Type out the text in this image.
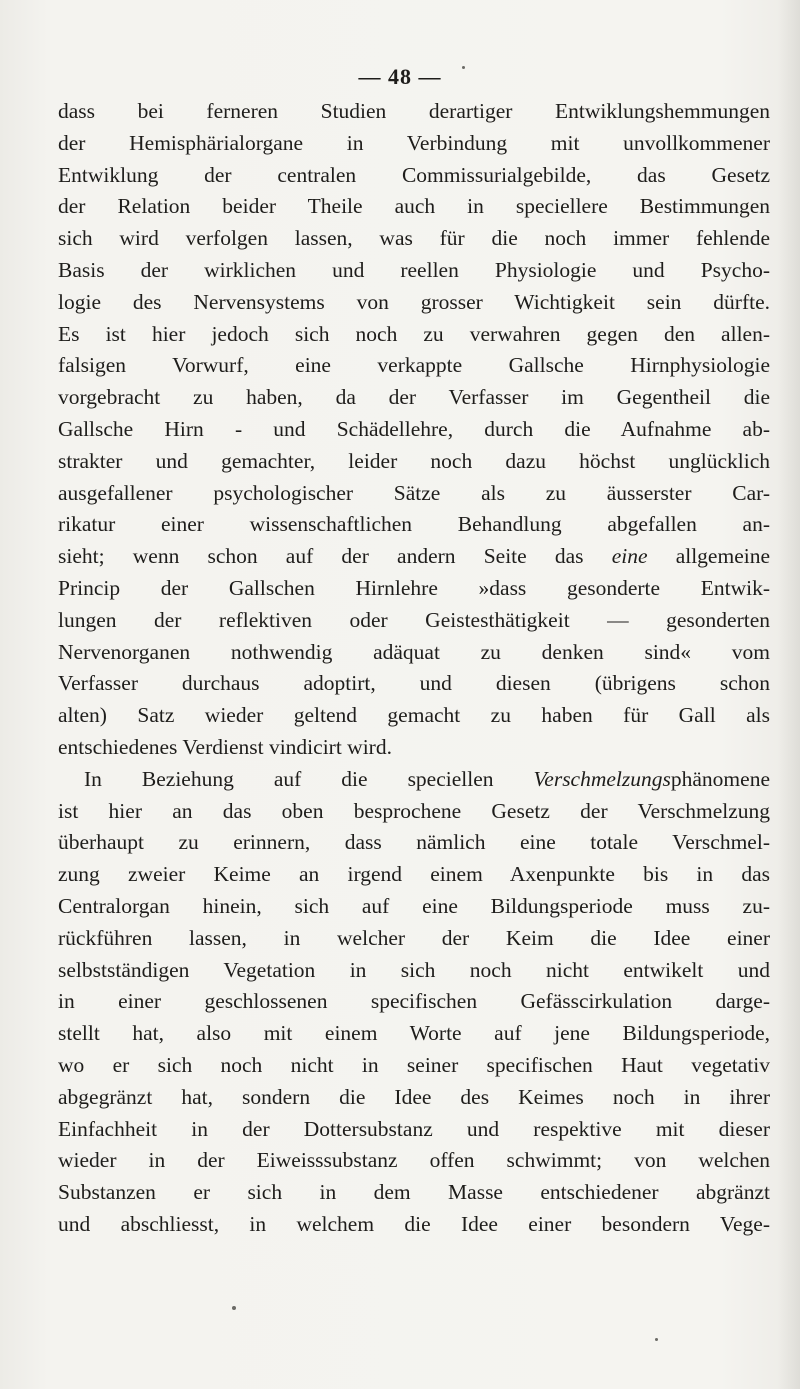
— 48 —
dass bei ferneren Studien derartiger Entwiklungshemmungen
der Hemisphärialorgane in Verbindung mit unvollkommener
Entwiklung der centralen Commissurialgebilde, das Gesetz
der Relation beider Theile auch in speciellere Bestimmungen
sich wird verfolgen lassen, was für die noch immer fehlende
Basis der wirklichen und reellen Physiologie und Psycho-
logie des Nervensystems von grosser Wichtigkeit sein dürfte.
Es ist hier jedoch sich noch zu verwahren gegen den allen-
falsigen Vorwurf, eine verkappte Gallsche Hirnphysiologie
vorgebracht zu haben, da der Verfasser im Gegentheil die
Gallsche Hirn - und Schädellehre, durch die Aufnahme ab-
strakter und gemachter, leider noch dazu höchst unglücklich
ausgefallener psychologischer Sätze als zu äusserster Car-
rikatur einer wissenschaftlichen Behandlung abgefallen an-
sieht; wenn schon auf der andern Seite das eine allgemeine
Princip der Gallschen Hirnlehre »dass gesonderte Entwik-
lungen der reflektiven oder Geistesthätigkeit — gesonderten
Nervenorganen nothwendig adäquat zu denken sind« vom
Verfasser durchaus adoptirt, und diesen (übrigens schon
alten) Satz wieder geltend gemacht zu haben für Gall als
entschiedenes Verdienst vindicirt wird.
In Beziehung auf die speciellen Verschmelzungsphänomene
ist hier an das oben besprochene Gesetz der Verschmelzung
überhaupt zu erinnern, dass nämlich eine totale Verschmel-
zung zweier Keime an irgend einem Axenpunkte bis in das
Centralorgan hinein, sich auf eine Bildungsperiode muss zu-
rückführen lassen, in welcher der Keim die Idee einer
selbstständigen Vegetation in sich noch nicht entwikelt und
in einer geschlossenen specifischen Gefässcirkulation darge-
stellt hat, also mit einem Worte auf jene Bildungsperiode,
wo er sich noch nicht in seiner specifischen Haut vegetativ
abgegränzt hat, sondern die Idee des Keimes noch in ihrer
Einfachheit in der Dottersubstanz und respektive mit dieser
wieder in der Eiweisssubstanz offen schwimmt; von welchen
Substanzen er sich in dem Masse entschiedener abgränzt
und abschliesst, in welchem die Idee einer besondern Vege-
